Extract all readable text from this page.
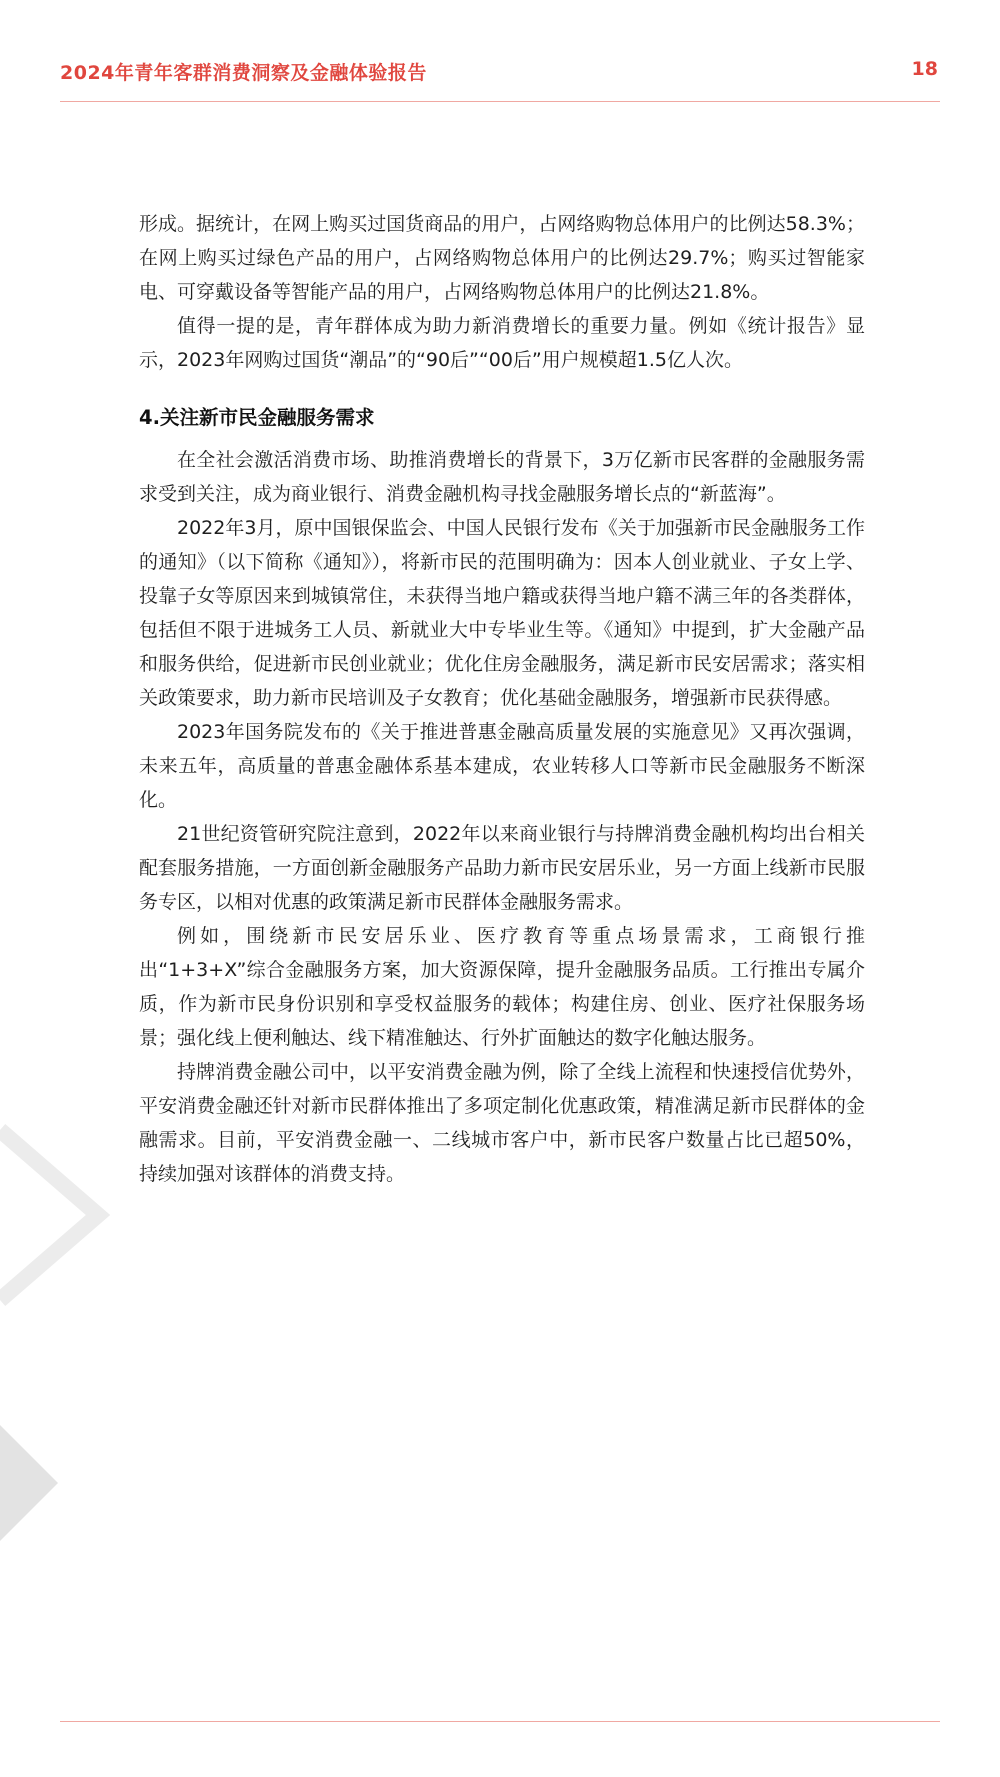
2024年青年客群消费洞察及金融体验报告	18

形成。据统计，在网上购买过国货商品的用户，占网络购物总体用户的比例达58.3%；在网上购买过绿色产品的用户，占网络购物总体用户的比例达29.7%；购买过智能家电、可穿戴设备等智能产品的用户，占网络购物总体用户的比例达21.8%。

值得一提的是，青年群体成为助力新消费增长的重要力量。例如《统计报告》显示，2023年网购过国货“潮品”的“90后”“00后”用户规模超1.5亿人次。

4.关注新市民金融服务需求

在全社会激活消费市场、助推消费增长的背景下，3万亿新市民客群的金融服务需求受到关注，成为商业银行、消费金融机构寻找金融服务增长点的“新蓝海”。

2022年3月，原中国银保监会、中国人民银行发布《关于加强新市民金融服务工作的通知》（以下简称《通知》），将新市民的范围明确为：因本人创业就业、子女上学、投靠子女等原因来到城镇常住，未获得当地户籍或获得当地户籍不满三年的各类群体，包括但不限于进城务工人员、新就业大中专毕业生等。《通知》中提到，扩大金融产品和服务供给，促进新市民创业就业；优化住房金融服务，满足新市民安居需求；落实相关政策要求，助力新市民培训及子女教育；优化基础金融服务，增强新市民获得感。

2023年国务院发布的《关于推进普惠金融高质量发展的实施意见》又再次强调，未来五年，高质量的普惠金融体系基本建成，农业转移人口等新市民金融服务不断深化。

21世纪资管研究院注意到，2022年以来商业银行与持牌消费金融机构均出台相关配套服务措施，一方面创新金融服务产品助力新市民安居乐业，另一方面上线新市民服务专区，以相对优惠的政策满足新市民群体金融服务需求。

例如，围绕新市民安居乐业、医疗教育等重点场景需求，工商银行推出“1+3+X”综合金融服务方案，加大资源保障，提升金融服务品质。工行推出专属介质，作为新市民身份识别和享受权益服务的载体；构建住房、创业、医疗社保服务场景；强化线上便利触达、线下精准触达、行外扩面触达的数字化触达服务。

持牌消费金融公司中，以平安消费金融为例，除了全线上流程和快速授信优势外，平安消费金融还针对新市民群体推出了多项定制化优惠政策，精准满足新市民群体的金融需求。目前，平安消费金融一、二线城市客户中，新市民客户数量占比已超50%，持续加强对该群体的消费支持。
